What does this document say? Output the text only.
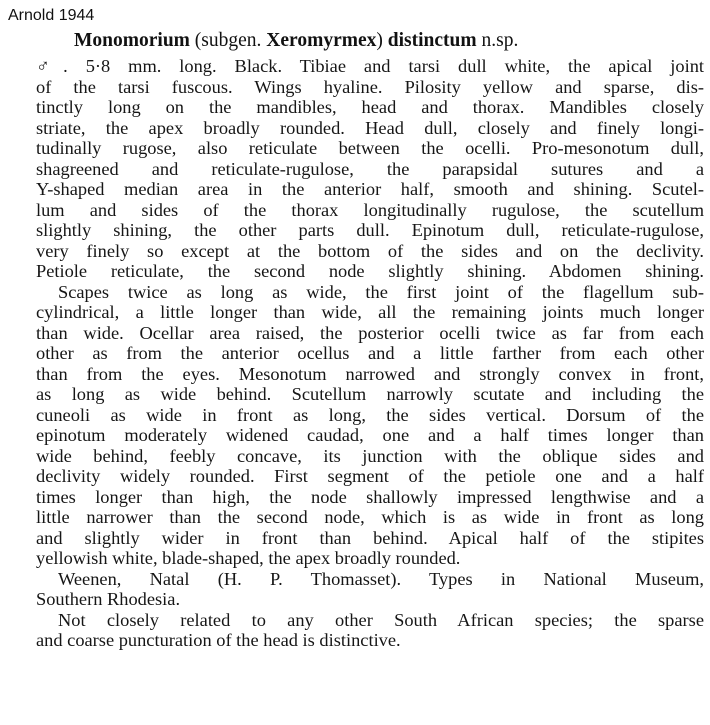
Arnold 1944
Monomorium (subgen. Xeromyrmex) distinctum n.sp.
♂. 5·8 mm. long. Black. Tibiae and tarsi dull white, the apical joint
of the tarsi fuscous. Wings hyaline. Pilosity yellow and sparse, dis-
tinctly long on the mandibles, head and thorax. Mandibles closely
striate, the apex broadly rounded. Head dull, closely and finely longi-
tudinally rugose, also reticulate between the ocelli. Pro-mesonotum dull,
shagreened and reticulate-rugulose, the parapsidal sutures and a
Y-shaped median area in the anterior half, smooth and shining. Scutel-
lum and sides of the thorax longitudinally rugulose, the scutellum
slightly shining, the other parts dull. Epinotum dull, reticulate-rugulose,
very finely so except at the bottom of the sides and on the declivity.
Petiole reticulate, the second node slightly shining. Abdomen shining.
Scapes twice as long as wide, the first joint of the flagellum sub-
cylindrical, a little longer than wide, all the remaining joints much longer
than wide. Ocellar area raised, the posterior ocelli twice as far from each
other as from the anterior ocellus and a little farther from each other
than from the eyes. Mesonotum narrowed and strongly convex in front,
as long as wide behind. Scutellum narrowly scutate and including the
cuneoli as wide in front as long, the sides vertical. Dorsum of the
epinotum moderately widened caudad, one and a half times longer than
wide behind, feebly concave, its junction with the oblique sides and
declivity widely rounded. First segment of the petiole one and a half
times longer than high, the node shallowly impressed lengthwise and a
little narrower than the second node, which is as wide in front as long
and slightly wider in front than behind. Apical half of the stipites
yellowish white, blade-shaped, the apex broadly rounded.
Weenen, Natal (H. P. Thomasset). Types in National Museum,
Southern Rhodesia.
Not closely related to any other South African species; the sparse
and coarse puncturation of the head is distinctive.
